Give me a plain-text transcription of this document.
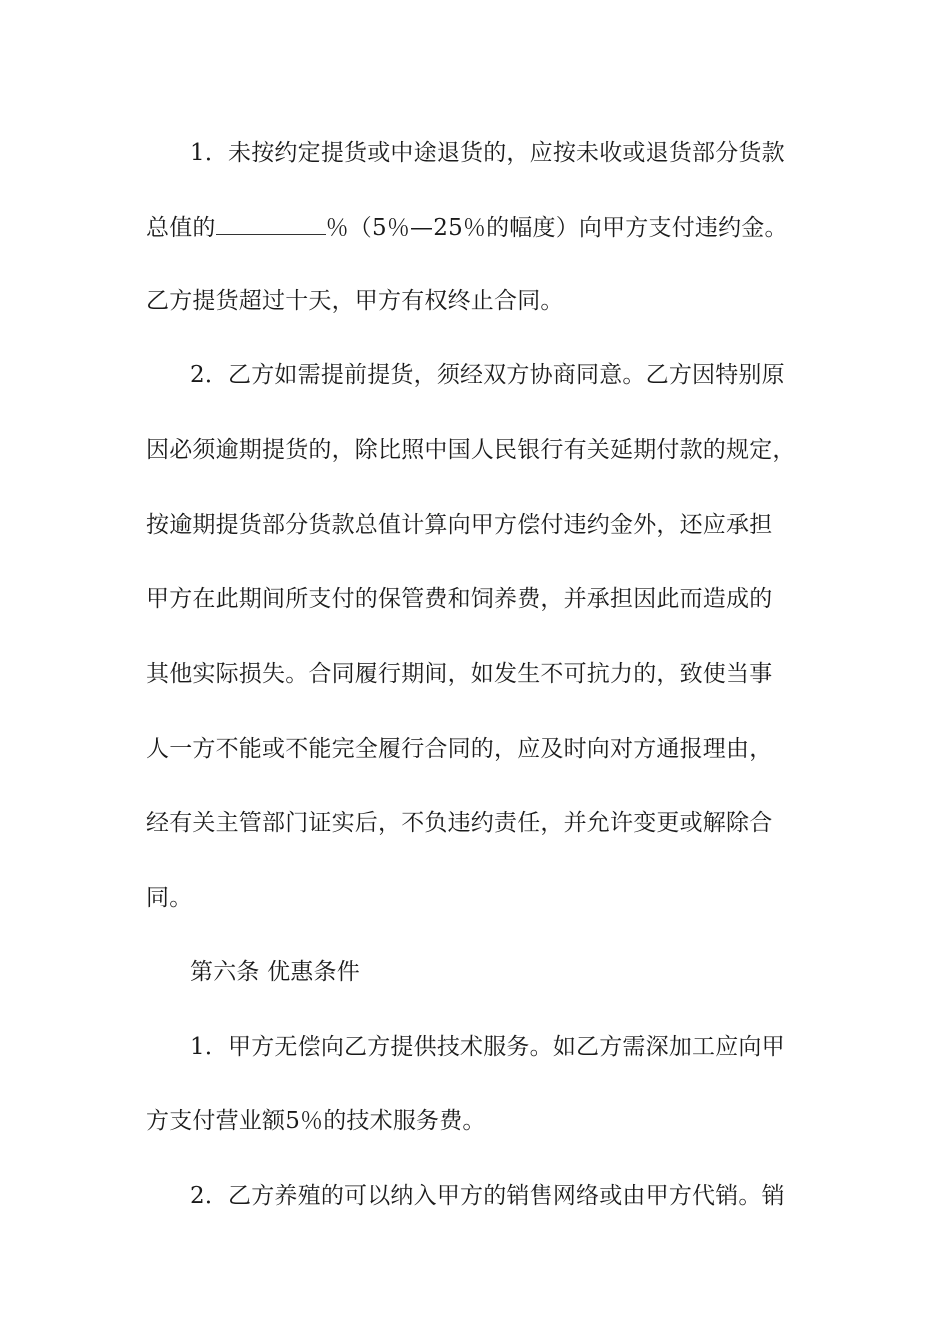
1．未按约定提货或中途退货的，应按未收或退货部分货款
总值的	％（5％—25％的幅度）向甲方支付违约金。
乙方提货超过十天，甲方有权终止合同。
2．乙方如需提前提货，须经双方协商同意。乙方因特别原
因必须逾期提货的，除比照中国人民银行有关延期付款的规定，
按逾期提货部分货款总值计算向甲方偿付违约金外，还应承担
甲方在此期间所支付的保管费和饲养费，并承担因此而造成的
其他实际损失。合同履行期间，如发生不可抗力的，致使当事
人一方不能或不能完全履行合同的，应及时向对方通报理由，
经有关主管部门证实后，不负违约责任，并允许变更或解除合
同。
第六条 优惠条件
1．甲方无偿向乙方提供技术服务。如乙方需深加工应向甲
方支付营业额5％的技术服务费。
2．乙方养殖的可以纳入甲方的销售网络或由甲方代销。销
